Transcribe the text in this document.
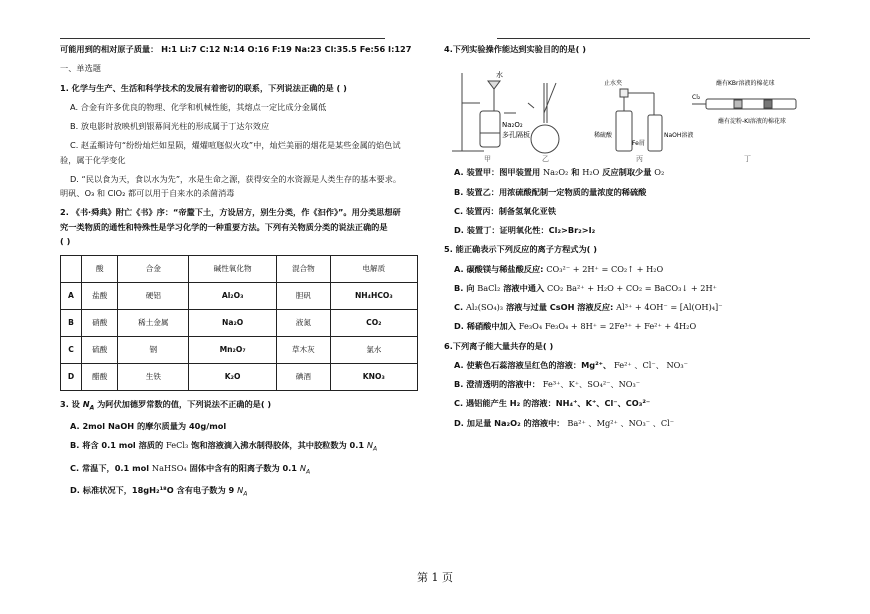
可能用到的相对原子质量： H:1 Li:7 C:12 N:14 O:16 F:19 Na:23 Cl:35.5 Fe:56 I:127

一、单选题

1. 化学与生产、生活和科学技术的发展有着密切的联系，下列说法正确的是 ( )

A. 合金有许多优良的物理、化学和机械性能，其熔点一定比成分金属低

B. 放电影时放映机到银幕间光柱的形成属于丁达尔效应

C. 赵孟頫诗句“纷纷灿烂如星陨，燿燿喧豗似火攻”中，灿烂美丽的烟花是某些金属的焰色试

验，属于化学变化

D. “民以食为天，食以水为先”，水是生命之源，获得安全的水资源是人类生存的基本要求。

明矾、O₃ 和 ClO₂ 都可以用于自来水的杀菌消毒

2. 《书·舜典》附亡《书》序：“帝釐下土，方设居方，别生分类，作《汩作》”。用分类思想研

究一类物质的通性和特殊性是学习化学的一种重要方法。下列有关物质分类的说法正确的是

( )

	酸	合金	碱性氧化物	混合物	电解质
A	盐酸	硬铝	Al₂O₃	胆矾	NH₄HCO₃
B	硝酸	稀土金属	Na₂O	液氮	CO₂
C	硫酸	钢	Mn₂O₇	草木灰	氯水
D	醋酸	生铁	K₂O	碘酒	KNO₃

3. 设 $N_A$ 为阿伏加德罗常数的值，下列说法不正确的是( )

A. 2mol NaOH 的摩尔质量为 40g/mol

B. 将含 0.1 mol 溶质的 FeCl₃ 饱和溶液滴入沸水制得胶体，其中胶粒数为 0.1 $N_A$

C. 常温下，0.1 mol NaHSO₄ 固体中含有的阳离子数为 0.1 $N_A$

D. 标准状况下，18gH₂¹⁸O 含有电子数为 9 $N_A$

4.下列实验操作能达到实验目的的是( )

水
Na₂O₂
多孔隔板
甲	乙
止水夹
稀硫酸
Fe屑
NaOH溶液
丙
Cl₂
蘸有KBr溶液的棉花球
蘸有淀粉-KI溶液的棉花球
丁

A. 装置甲：图甲装置用 Na₂O₂ 和 H₂O 反应制取少量 O₂

B. 装置乙：用浓硫酸配制一定物质的量浓度的稀硫酸

C. 装置丙：制备氢氧化亚铁

D. 装置丁：证明氧化性：Cl₂>Br₂>I₂

5. 能正确表示下列反应的离子方程式为( )

A. 碳酸镁与稀盐酸反应: CO₃²⁻ + 2H⁺ = CO₂↑ + H₂O

B. 向 BaCl₂ 溶液中通入 CO₂ Ba²⁺ + H₂O + CO₂ = BaCO₃↓ + 2H⁺

C. Al₂(SO₄)₃ 溶液与过量 CsOH 溶液反应: Al³⁺ + 4OH⁻ = [Al(OH)₄]⁻

D. 稀硝酸中加入 Fe₃O₄ Fe₃O₄ + 8H⁺ = 2Fe³⁺ + Fe²⁺ + 4H₂O

6.下列离子能大量共存的是( )

A. 使紫色石蕊溶液呈红色的溶液：Mg²⁺、 Fe²⁺ 、Cl⁻、 NO₃⁻

B. 澄清透明的溶液中： Fe³⁺、K⁺、SO₄²⁻、NO₃⁻

C. 遇铝能产生 H₂ 的溶液：NH₄⁺、K⁺、Cl⁻、CO₃²⁻

D. 加足量 Na₂O₂ 的溶液中： Ba²⁺ 、Mg²⁺ 、NO₃⁻ 、Cl⁻

第 1 页
